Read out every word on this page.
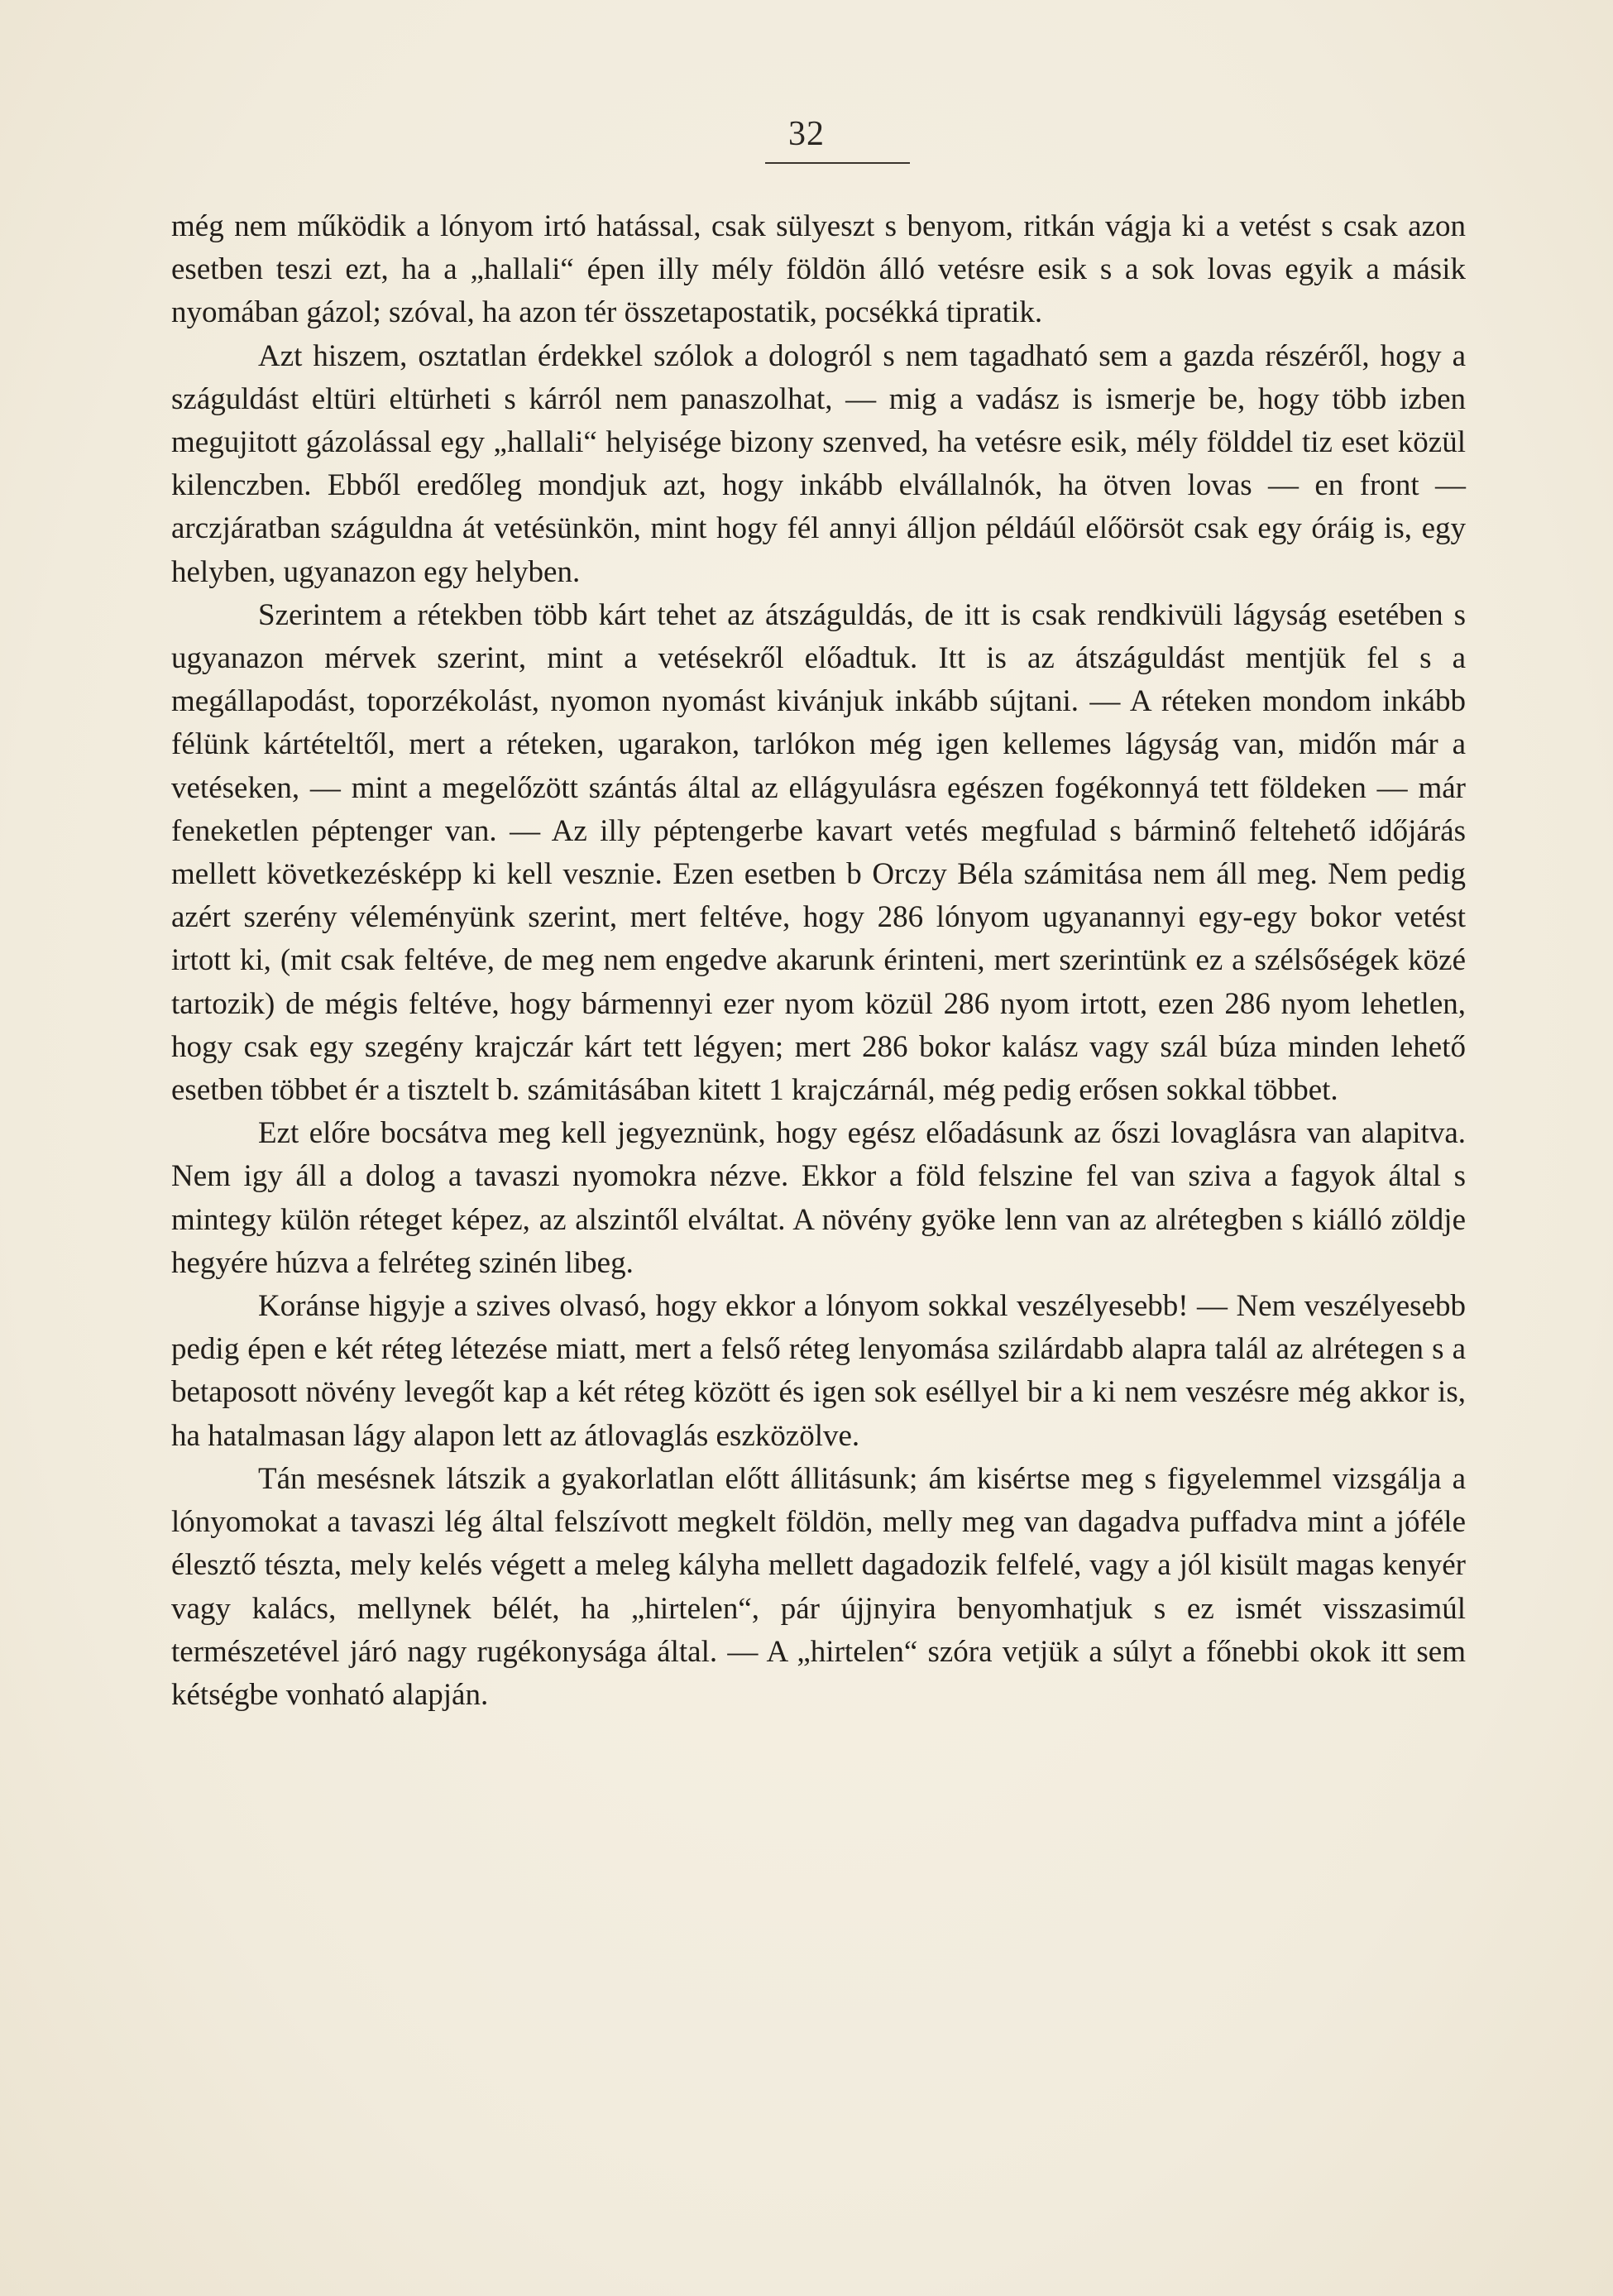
32

még nem működik a lónyom irtó hatással, csak sülyeszt s benyom, ritkán vágja ki a vetést s csak azon esetben teszi ezt, ha a „hallali“ épen illy mély földön álló vetésre esik s a sok lovas egyik a másik nyomában gázol; szóval, ha azon tér összetapostatik, pocsékká tipratik.

Azt hiszem, osztatlan érdekkel szólok a dologról s nem tagadható sem a gazda részéről, hogy a száguldást eltüri eltürheti s kárról nem panaszolhat, — mig a vadász is ismerje be, hogy több izben megujitott gázolással egy „hallali“ helyisége bizony szenved, ha vetésre esik, mély földdel tiz eset közül kilenczben. Ebből eredőleg mondjuk azt, hogy inkább elvállalnók, ha ötven lovas — en front — arczjáratban száguldna át vetésünkön, mint hogy fél annyi álljon példáúl előörsöt csak egy óráig is, egy helyben, ugyanazon egy helyben.

Szerintem a rétekben több kárt tehet az átszáguldás, de itt is csak rendkivüli lágyság esetében s ugyanazon mérvek szerint, mint a vetésekről előadtuk. Itt is az átszáguldást mentjük fel s a megállapodást, toporzékolást, nyomon nyomást kivánjuk inkább sújtani. — A réteken mondom inkább félünk kártételtől, mert a réteken, ugarakon, tarlókon még igen kellemes lágyság van, midőn már a vetéseken, — mint a megelőzött szántás által az ellágyulásra egészen fogékonnyá tett földeken — már feneketlen péptenger van. — Az illy péptengerbe kavart vetés megfulad s bárminő feltehető időjárás mellett következésképp ki kell vesznie. Ezen esetben b Orczy Béla számitása nem áll meg. Nem pedig azért szerény véleményünk szerint, mert feltéve, hogy 286 lónyom ugyanannyi egy-egy bokor vetést irtott ki, (mit csak feltéve, de meg nem engedve akarunk érinteni, mert szerintünk ez a szélsőségek közé tartozik) de mégis feltéve, hogy bármennyi ezer nyom közül 286 nyom irtott, ezen 286 nyom lehetlen, hogy csak egy szegény krajczár kárt tett légyen; mert 286 bokor kalász vagy szál búza minden lehető esetben többet ér a tisztelt b. számitásában kitett 1 krajczárnál, még pedig erősen sokkal többet.

Ezt előre bocsátva meg kell jegyeznünk, hogy egész előadásunk az őszi lovaglásra van alapitva. Nem igy áll a dolog a tavaszi nyomokra nézve. Ekkor a föld felszine fel van sziva a fagyok által s mintegy külön réteget képez, az alszintől elváltat. A növény gyöke lenn van az alrétegben s kiálló zöldje hegyére húzva a felréteg szinén libeg.

Koránse higyje a szives olvasó, hogy ekkor a lónyom sokkal veszélyesebb! — Nem veszélyesebb pedig épen e két réteg létezése miatt, mert a felső réteg lenyomása szilárdabb alapra talál az alrétegen s a betaposott növény levegőt kap a két réteg között és igen sok eséllyel bir a ki nem veszésre még akkor is, ha hatalmasan lágy alapon lett az átlovaglás eszközölve.

Tán mesésnek látszik a gyakorlatlan előtt állitásunk; ám kisértse meg s figyelemmel vizsgálja a lónyomokat a tavaszi lég által felszívott megkelt földön, melly meg van dagadva puffadva mint a jóféle élesztő tészta, mely kelés végett a meleg kályha mellett dagadozik felfelé, vagy a jól kisült magas kenyér vagy kalács, mellynek bélét, ha „hirtelen“, pár újjnyira benyomhatjuk s ez ismét visszasimúl természetével járó nagy rugékonysága által. — A „hirtelen“ szóra vetjük a súlyt a főnebbi okok itt sem kétségbe vonható alapján.
